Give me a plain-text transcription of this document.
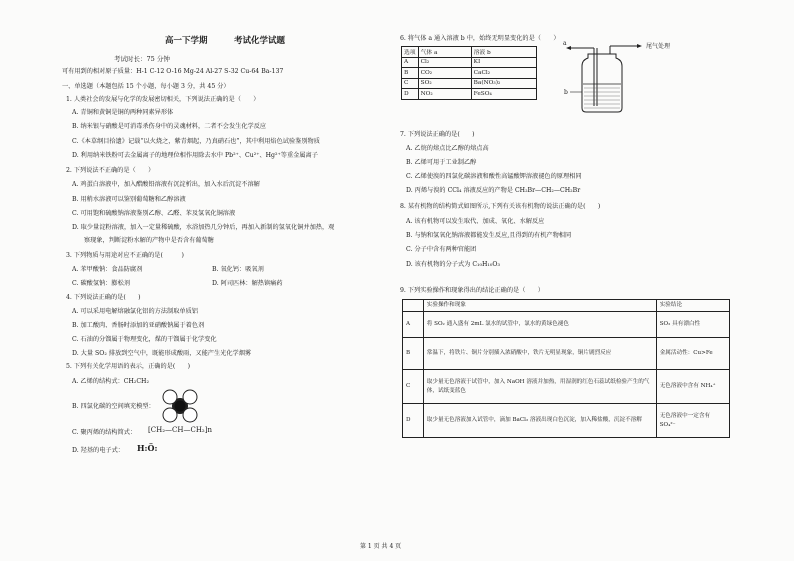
高一下学期	考试化学试题
考试时长：75 分钟
可有用到的相对原子质量：H-1 C-12 O-16 Mg-24 Al-27 S-32 Cu-64 Ba-137
一、单选题（本题包括 15 个小题，每小题 3 分，共 45 分）
1. 人类社会的发展与化学的发展密切相关，下列说法正确的是（　　）
A. 青铜和黄铜是铜的两种同素异形体
B. 纳米银与硝酸是可消毒杀伤身中的灵魂材料，二者不会发生化学反应
C.《本草纲目拾遗》记载“以火烧之，紫青烟起，乃真硝石也”，其中利用焰色试验鉴别物质
D. 利用纳米铁粉可去金属离子的地理位相作用除去水中 Pb²⁺、Cu²⁺、Hg²⁺等重金属离子
2. 下列说法不正确的是（　　）
A. 鸡蛋白溶液中，加入醋酸铅溶液有沉淀析出，加入水后沉淀不溶解
B. 用稍水溶液可以鉴别葡萄糖和乙醇溶液
C. 可用饱和硫酸钠溶液鉴别乙醇、乙醛、苯及氢氧化铜溶液
D. 取少量淀粉溶液，加入一定量稀硫酸，水浴加热几分钟后，再加入新制的氢氧化铜并加热，观
察现象，判断淀粉水解的产物中是否含有葡萄糖
3. 下列物质与用途对应不正确的是(　　　)
A. 苯甲酸钠：食品防腐剂	B. 氧化钙：吸氧剂
C. 碳酸氢钠：膨松剂	D. 阿司匹林：解热镇痛药
4. 下列说法正确的是(　　)
A. 可以采用电解熔融氯化铝的方法制取单质铝
B. 加工酸肉、香肠时添加的亚硝酸钠属于着色剂
C. 石油的分馏属于物理变化，煤的干馏属于化学变化
D. 大量 SO₂ 排放到空气中，既能形成酸雨，又能产生光化学烟雾
5. 下列有关化学用语的表示，正确的是(　　)
A. 乙烯的结构式：CH₂CH₂
B. 四氯化碳的空间填充模型：
C. 聚丙烯的结构简式： [CH₂—CH—CH₂]n
D. 羟基的电子式： H:Ö:
6. 将气体 a 通入溶液 b 中，始终无明显变化的是（　　）
选项	气体 a	溶液 b
A	Cl₂	KI
B	CO₂	CaCl₂
C	SO₂	Ba(NO₃)₂
D	NO₂	FeSO₄
a
b
尾气处理
7. 下列说法正确的是(　　)
A. 乙烷的熔点比乙醇的熔点高
B. 乙烯可用于工业制乙醇
C. 乙烯使溴的四氯化碳溶液和酸性高锰酸钾溶液褪色的原理相同
D. 丙烯与溴的 CCl₄ 溶液反应的产物是 CH₂Br—CH₂—CH₂Br
8. 某有机物的结构简式如图所示,下列有关该有机物的说法正确的是(　　)
A. 该有机物可以发生取代、加成、氧化、水解反应
B. 与钠和氢氧化钠溶液都能发生反应,且得到的有机产物相同
C. 分子中含有两种官能团
D. 该有机物的分子式为 C₁₀H₁₀O₃
9. 下列实验操作和现象得出的结论正确的是（　　）
	实验操作和现象	实验结论
A	将 SO₂ 通入盛有 2mL 氯水的试管中，氯水的黄绿色褪色	SO₂ 具有漂白性
B	常温下，将铁片、铜片分别插入浓硝酸中，铁片无明显现象，铜片剧烈反应	金属活动性：Cu>Fe
C	取少量无色溶液于试管中，加入 NaOH 溶液并加热，用湿润的红色石蕊试纸检验产生的气体，试纸变蓝色	无色溶液中含有 NH₄⁺
D	取少量无色溶液加入试管中，滴加 BaCl₂ 溶液出现白色沉淀，加入稀盐酸，沉淀不溶解	无色溶液中一定含有 SO₄²⁻
第 1 页 共 4 页
